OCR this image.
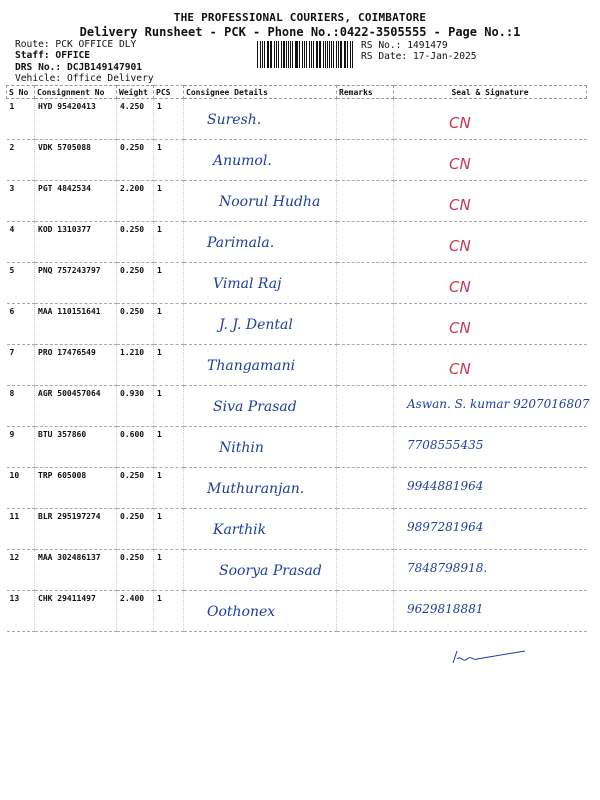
THE PROFESSIONAL COURIERS, COIMBATORE
Delivery Runsheet - PCK - Phone No.:0422-3505555 - Page No.:1
Route: PCK OFFICE DLY
Staff: OFFICE
DRS No.: DCJB149147901
Vehicle: Office Delivery
RS No.: 1491479
RS Date: 17-Jan-2025
S No	Consignment No	Weight	PCS	Consignee Details	Remarks	Seal & Signature
1	HYD 95420413	4.250	1	Suresh.		CN
2	VDK 5705088	0.250	1	Anumol.		CN
3	PGT 4842534	2.200	1	Noorul Hudha		CN
4	KOD 1310377	0.250	1	Parimala.		CN
5	PNQ 757243797	0.250	1	Vimal Raj		CN
6	MAA 110151641	0.250	1	J. J. Dental		CN
7	PRO 17476549	1.210	1	Thangamani		CN
8	AGR 500457064	0.930	1	Siva Prasad		Aswan. S. kumar 9207016807
9	BTU 357860	0.600	1	Nithin		7708555435
10	TRP 605008	0.250	1	Muthuranjan.		9944881964
11	BLR 295197274	0.250	1	Karthik		9897281964
12	MAA 302486137	0.250	1	Soorya Prasad		7848798918.
13	CHK 29411497	2.400	1	Oothonex		9629818881
